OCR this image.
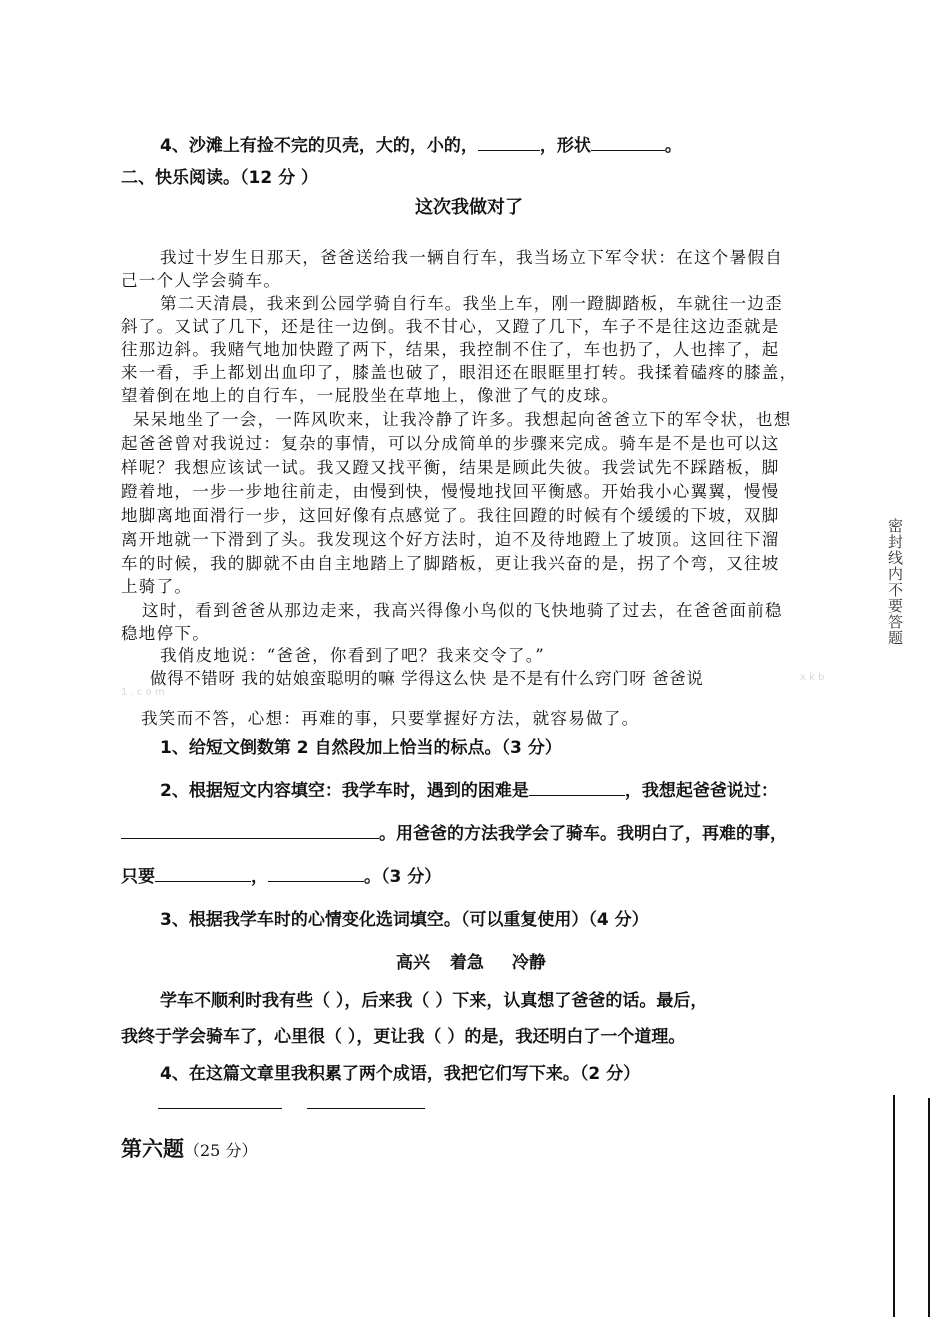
4、沙滩上有捡不完的贝壳，大的，小的，	，形状	。
二、快乐阅读。（12 分 ）
这次我做对了
我过十岁生日那天，爸爸送给我一辆自行车，我当场立下军令状：在这个暑假自
己一个人学会骑车。
第二天清晨，我来到公园学骑自行车。我坐上车，刚一蹬脚踏板，车就往一边歪
斜了。又试了几下，还是往一边倒。我不甘心，又蹬了几下，车子不是往这边歪就是
往那边斜。我赌气地加快蹬了两下，结果，我控制不住了，车也扔了，人也摔了，起
来一看，手上都划出血印了，膝盖也破了，眼泪还在眼眶里打转。我揉着磕疼的膝盖，
望着倒在地上的自行车，一屁股坐在草地上，像泄了气的皮球。
呆呆地坐了一会，一阵风吹来，让我冷静了许多。我想起向爸爸立下的军令状，也想
起爸爸曾对我说过：复杂的事情，可以分成简单的步骤来完成。骑车是不是也可以这
样呢？我想应该试一试。我又蹬又找平衡，结果是顾此失彼。我尝试先不踩踏板，脚
蹬着地，一步一步地往前走，由慢到快，慢慢地找回平衡感。开始我小心翼翼，慢慢
地脚离地面滑行一步，这回好像有点感觉了。我往回蹬的时候有个缓缓的下坡，双脚
离开地就一下滑到了头。我发现这个好方法时，迫不及待地蹬上了坡顶。这回往下溜
车的时候，我的脚就不由自主地踏上了脚踏板，更让我兴奋的是，拐了个弯，又往坡
上骑了。
这时，看到爸爸从那边走来，我高兴得像小鸟似的飞快地骑了过去，在爸爸面前稳
稳地停下。
我俏皮地说：“爸爸，你看到了吧？我来交令了。”
做得不错呀 我的姑娘蛮聪明的嘛 学得这么快 是不是有什么窍门呀 爸爸说	x k b
1 . c o m
我笑而不答，心想：再难的事，只要掌握好方法，就容易做了。
1、给短文倒数第 2 自然段加上恰当的标点。（3 分）
2、根据短文内容填空：我学车时，遇到的困难是	，我想起爸爸说过：
。用爸爸的方法我学会了骑车。我明白了，再难的事，
只要	，	。（3 分）
3、根据我学车时的心情变化选词填空。（可以重复使用）（4 分）
高兴 着急 冷静
学车不顺利时我有些（ ），后来我（ ）下来，认真想了爸爸的话。最后，
我终于学会骑车了，心里很（ ），更让我（ ）的是，我还明白了一个道理。
4、在这篇文章里我积累了两个成语，我把它们写下来。（2 分）
第六题（25 分）
密封线内不要答题
